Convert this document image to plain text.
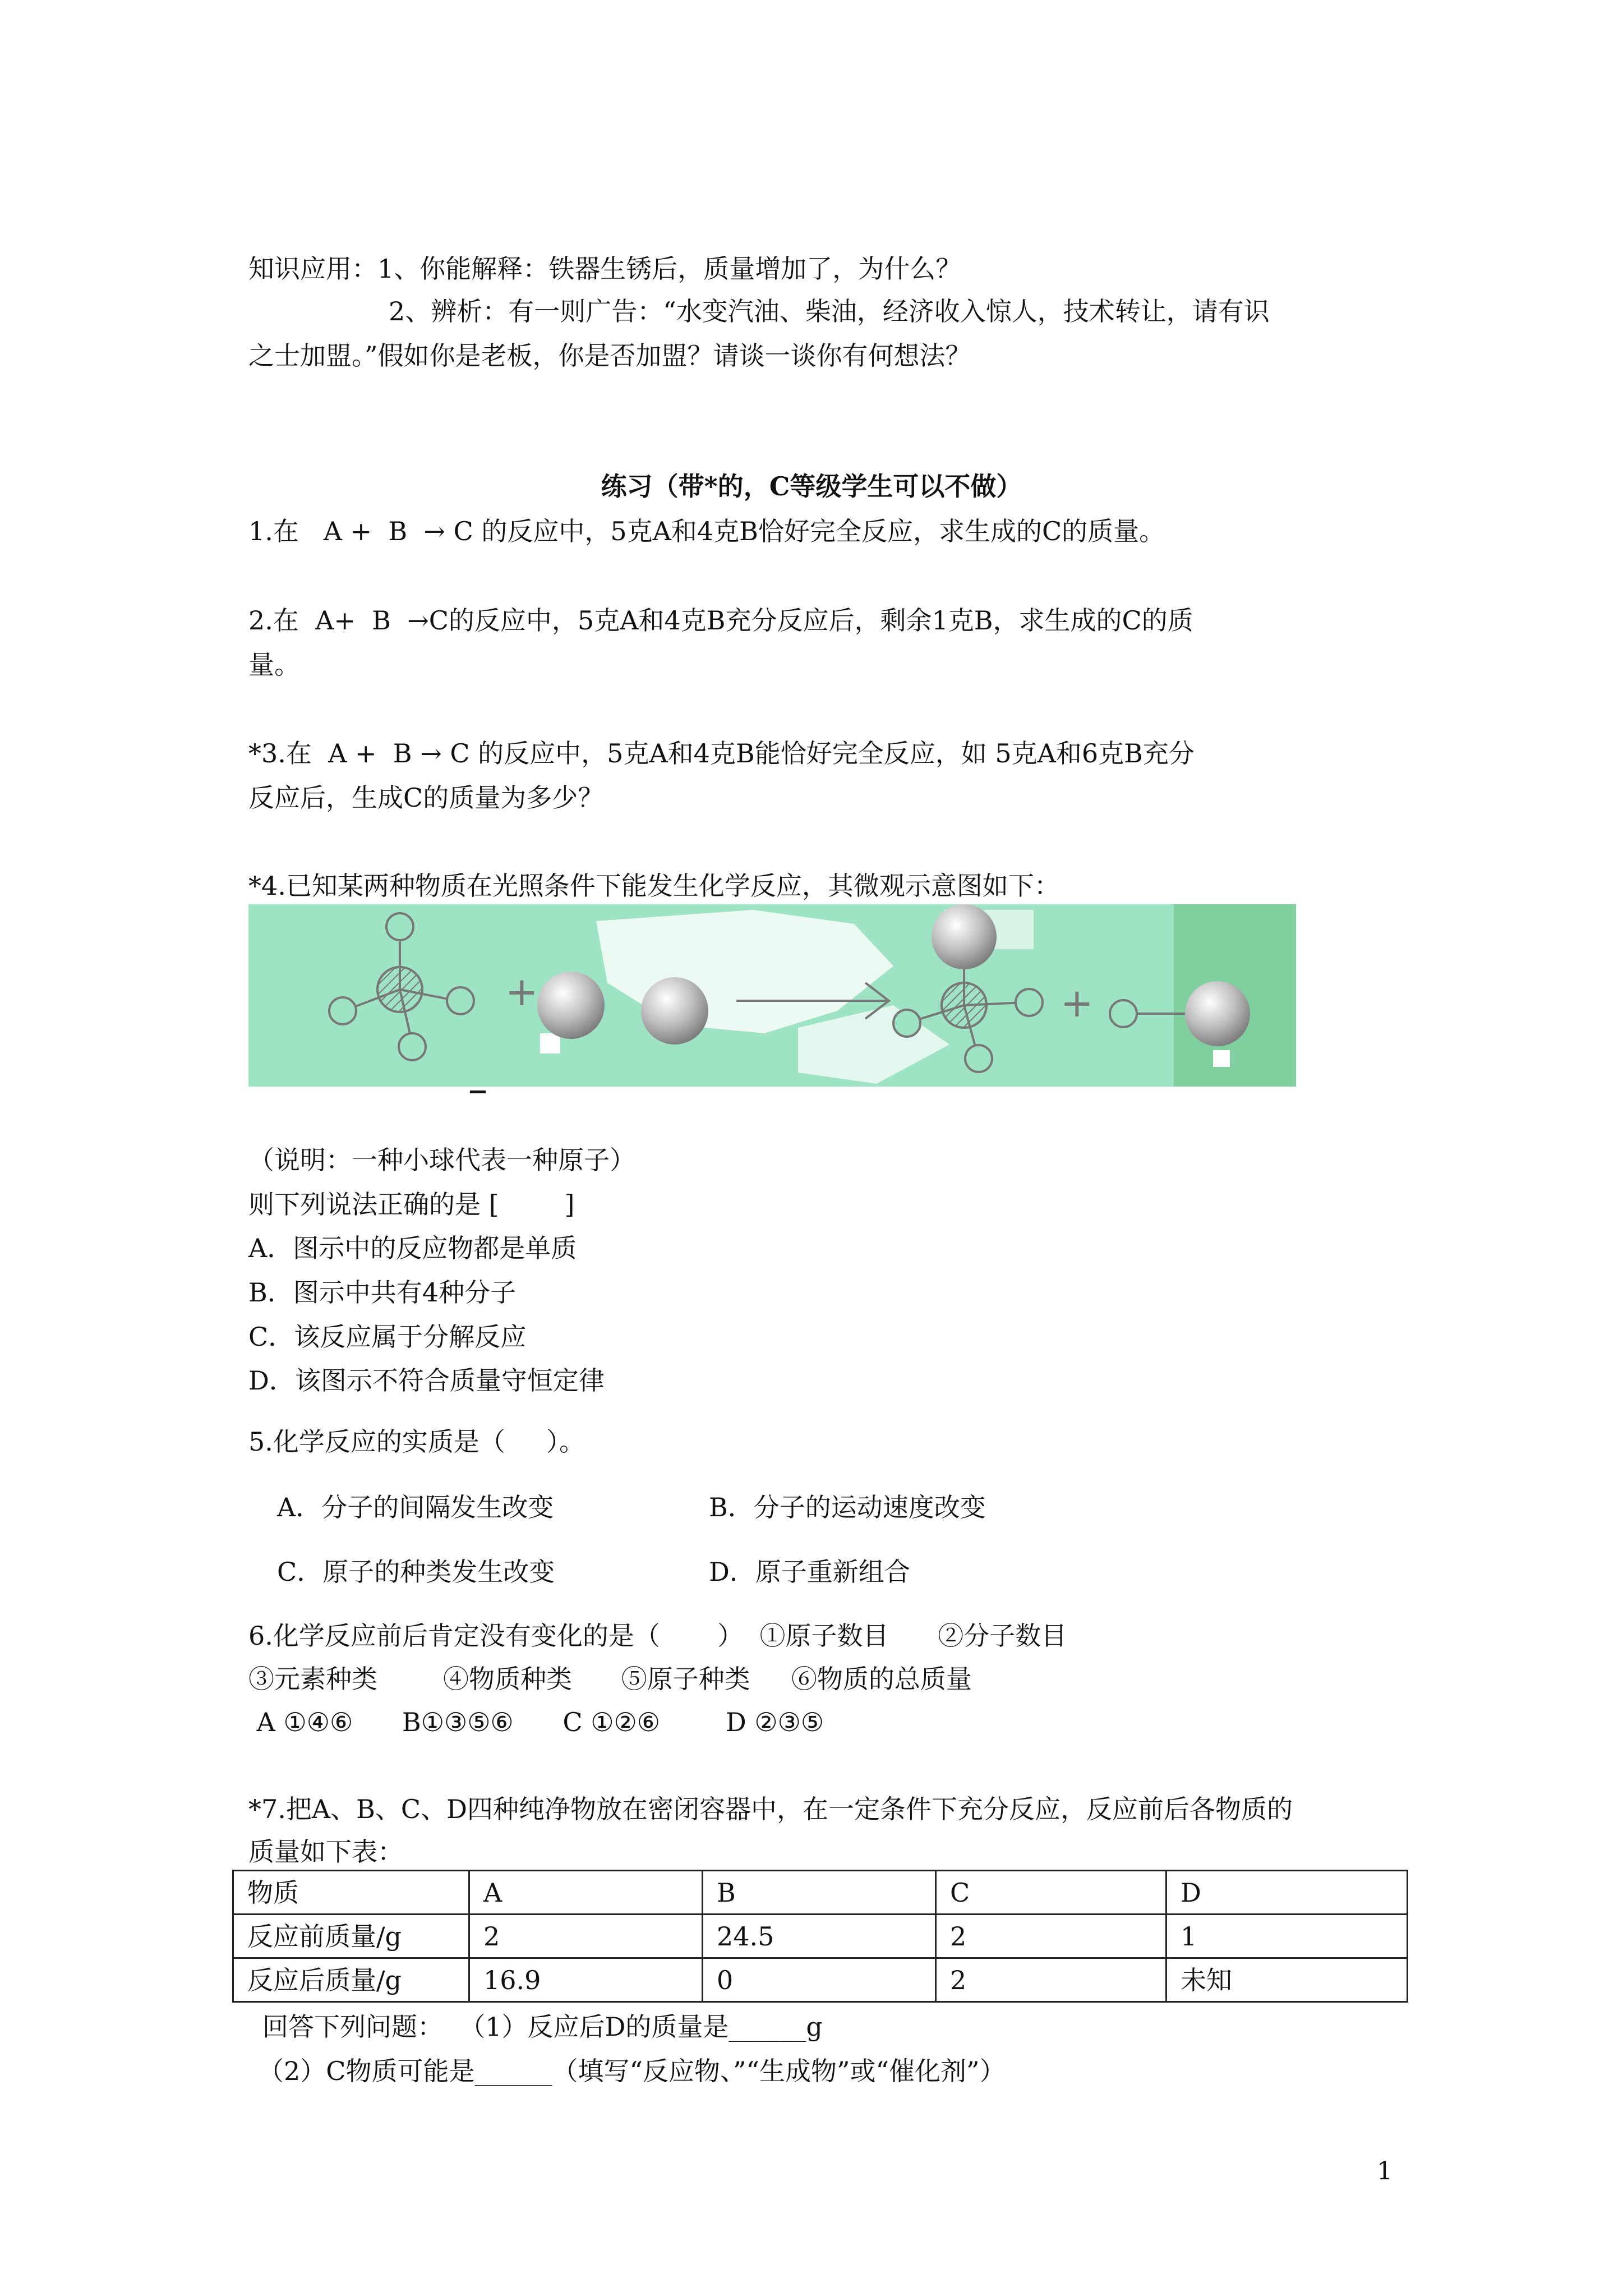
知识应用：1、你能解释：铁器生锈后，质量增加了，为什么？
2、辨析：有一则广告：“水变汽油、柴油，经济收入惊人，技术转让，请有识
之士加盟。”假如你是老板，你是否加盟？请谈一谈你有何想法？
练习（带*的，C等级学生可以不做）
1.在   A +  B  → C 的反应中，5克A和4克B恰好完全反应，求生成的C的质量。
2.在  A+  B  →C的反应中，5克A和4克B充分反应后，剩余1克B，求生成的C的质
量。
*3.在  A +  B → C 的反应中，5克A和4克B能恰好完全反应，如 5克A和6克B充分
反应后，生成C的质量为多少？
*4.已知某两种物质在光照条件下能发生化学反应，其微观示意图如下：
+	+
（说明：一种小球代表一种原子）
则下列说法正确的是 [        ]
A．图示中的反应物都是单质
B．图示中共有4种分子
C．该反应属于分解反应
D．该图示不符合质量守恒定律
5.化学反应的实质是（     ）。
A．分子的间隔发生改变	B．分子的运动速度改变
C．原子的种类发生改变	D．原子重新组合
6.化学反应前后肯定没有变化的是（       ）  ①原子数目      ②分子数目
③元素种类        ④物质种类      ⑤原子种类     ⑥物质的总质量
A ①④⑥      B①③⑤⑥      C ①②⑥        D ②③⑤
*7.把A、B、C、D四种纯净物放在密闭容器中，在一定条件下充分反应，反应前后各物质的
质量如下表：
物质	A	B	C	D
反应前质量/g	2	24.5	2	1
反应后质量/g	16.9	0	2	未知
回答下列问题：  （1）反应后D的质量是______g
（2）C物质可能是______（填写“反应物、”“生成物”或“催化剂”）
1
